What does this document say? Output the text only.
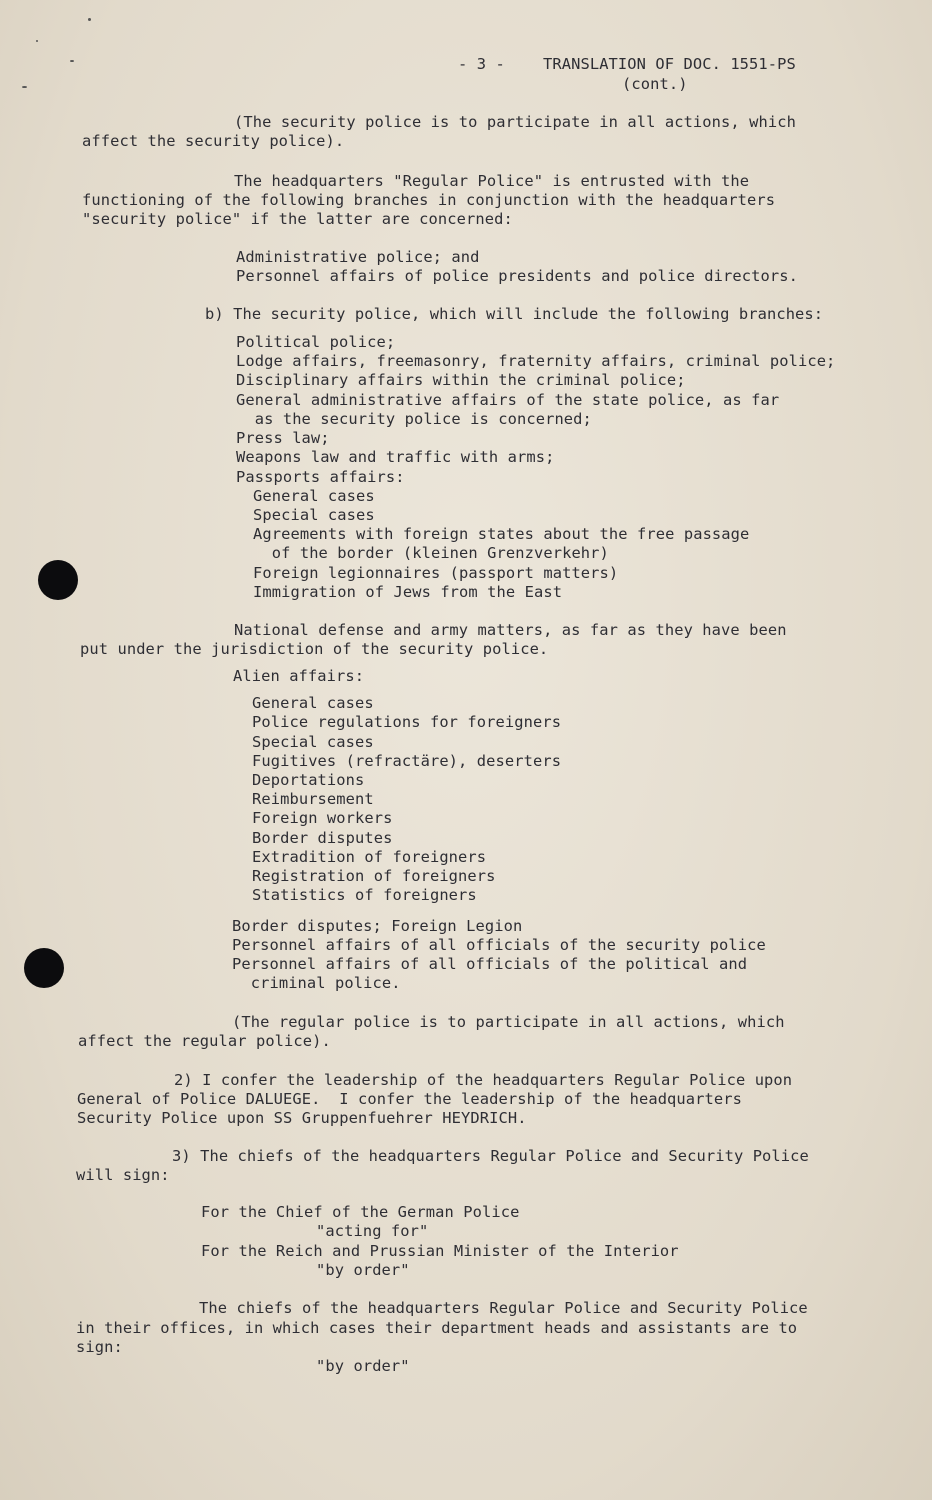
- 3 - TRANSLATION OF DOC. 1551-PS
(cont.)
(The security police is to participate in all actions, which
affect the security police).
The headquarters "Regular Police" is entrusted with the
functioning of the following branches in conjunction with the headquarters
"security police" if the latter are concerned:
Administrative police; and
Personnel affairs of police presidents and police directors.
b) The security police, which will include the following branches:
Political police;
Lodge affairs, freemasonry, fraternity affairs, criminal police;
Disciplinary affairs within the criminal police;
General administrative affairs of the state police, as far
as the security police is concerned;
Press law;
Weapons law and traffic with arms;
Passports affairs:
General cases
Special cases
Agreements with foreign states about the free passage
of the border (kleinen Grenzverkehr)
Foreign legionnaires (passport matters)
Immigration of Jews from the East
National defense and army matters, as far as they have been
put under the jurisdiction of the security police.
Alien affairs:
General cases
Police regulations for foreigners
Special cases
Fugitives (refractäre), deserters
Deportations
Reimbursement
Foreign workers
Border disputes
Extradition of foreigners
Registration of foreigners
Statistics of foreigners
Border disputes; Foreign Legion
Personnel affairs of all officials of the security police
Personnel affairs of all officials of the political and
criminal police.
(The regular police is to participate in all actions, which
affect the regular police).
2) I confer the leadership of the headquarters Regular Police upon
General of Police DALUEGE.  I confer the leadership of the headquarters
Security Police upon SS Gruppenfuehrer HEYDRICH.
3) The chiefs of the headquarters Regular Police and Security Police
will sign:
For the Chief of the German Police
"acting for"
For the Reich and Prussian Minister of the Interior
"by order"
The chiefs of the headquarters Regular Police and Security Police
in their offices, in which cases their department heads and assistants are to
sign:
"by order"
